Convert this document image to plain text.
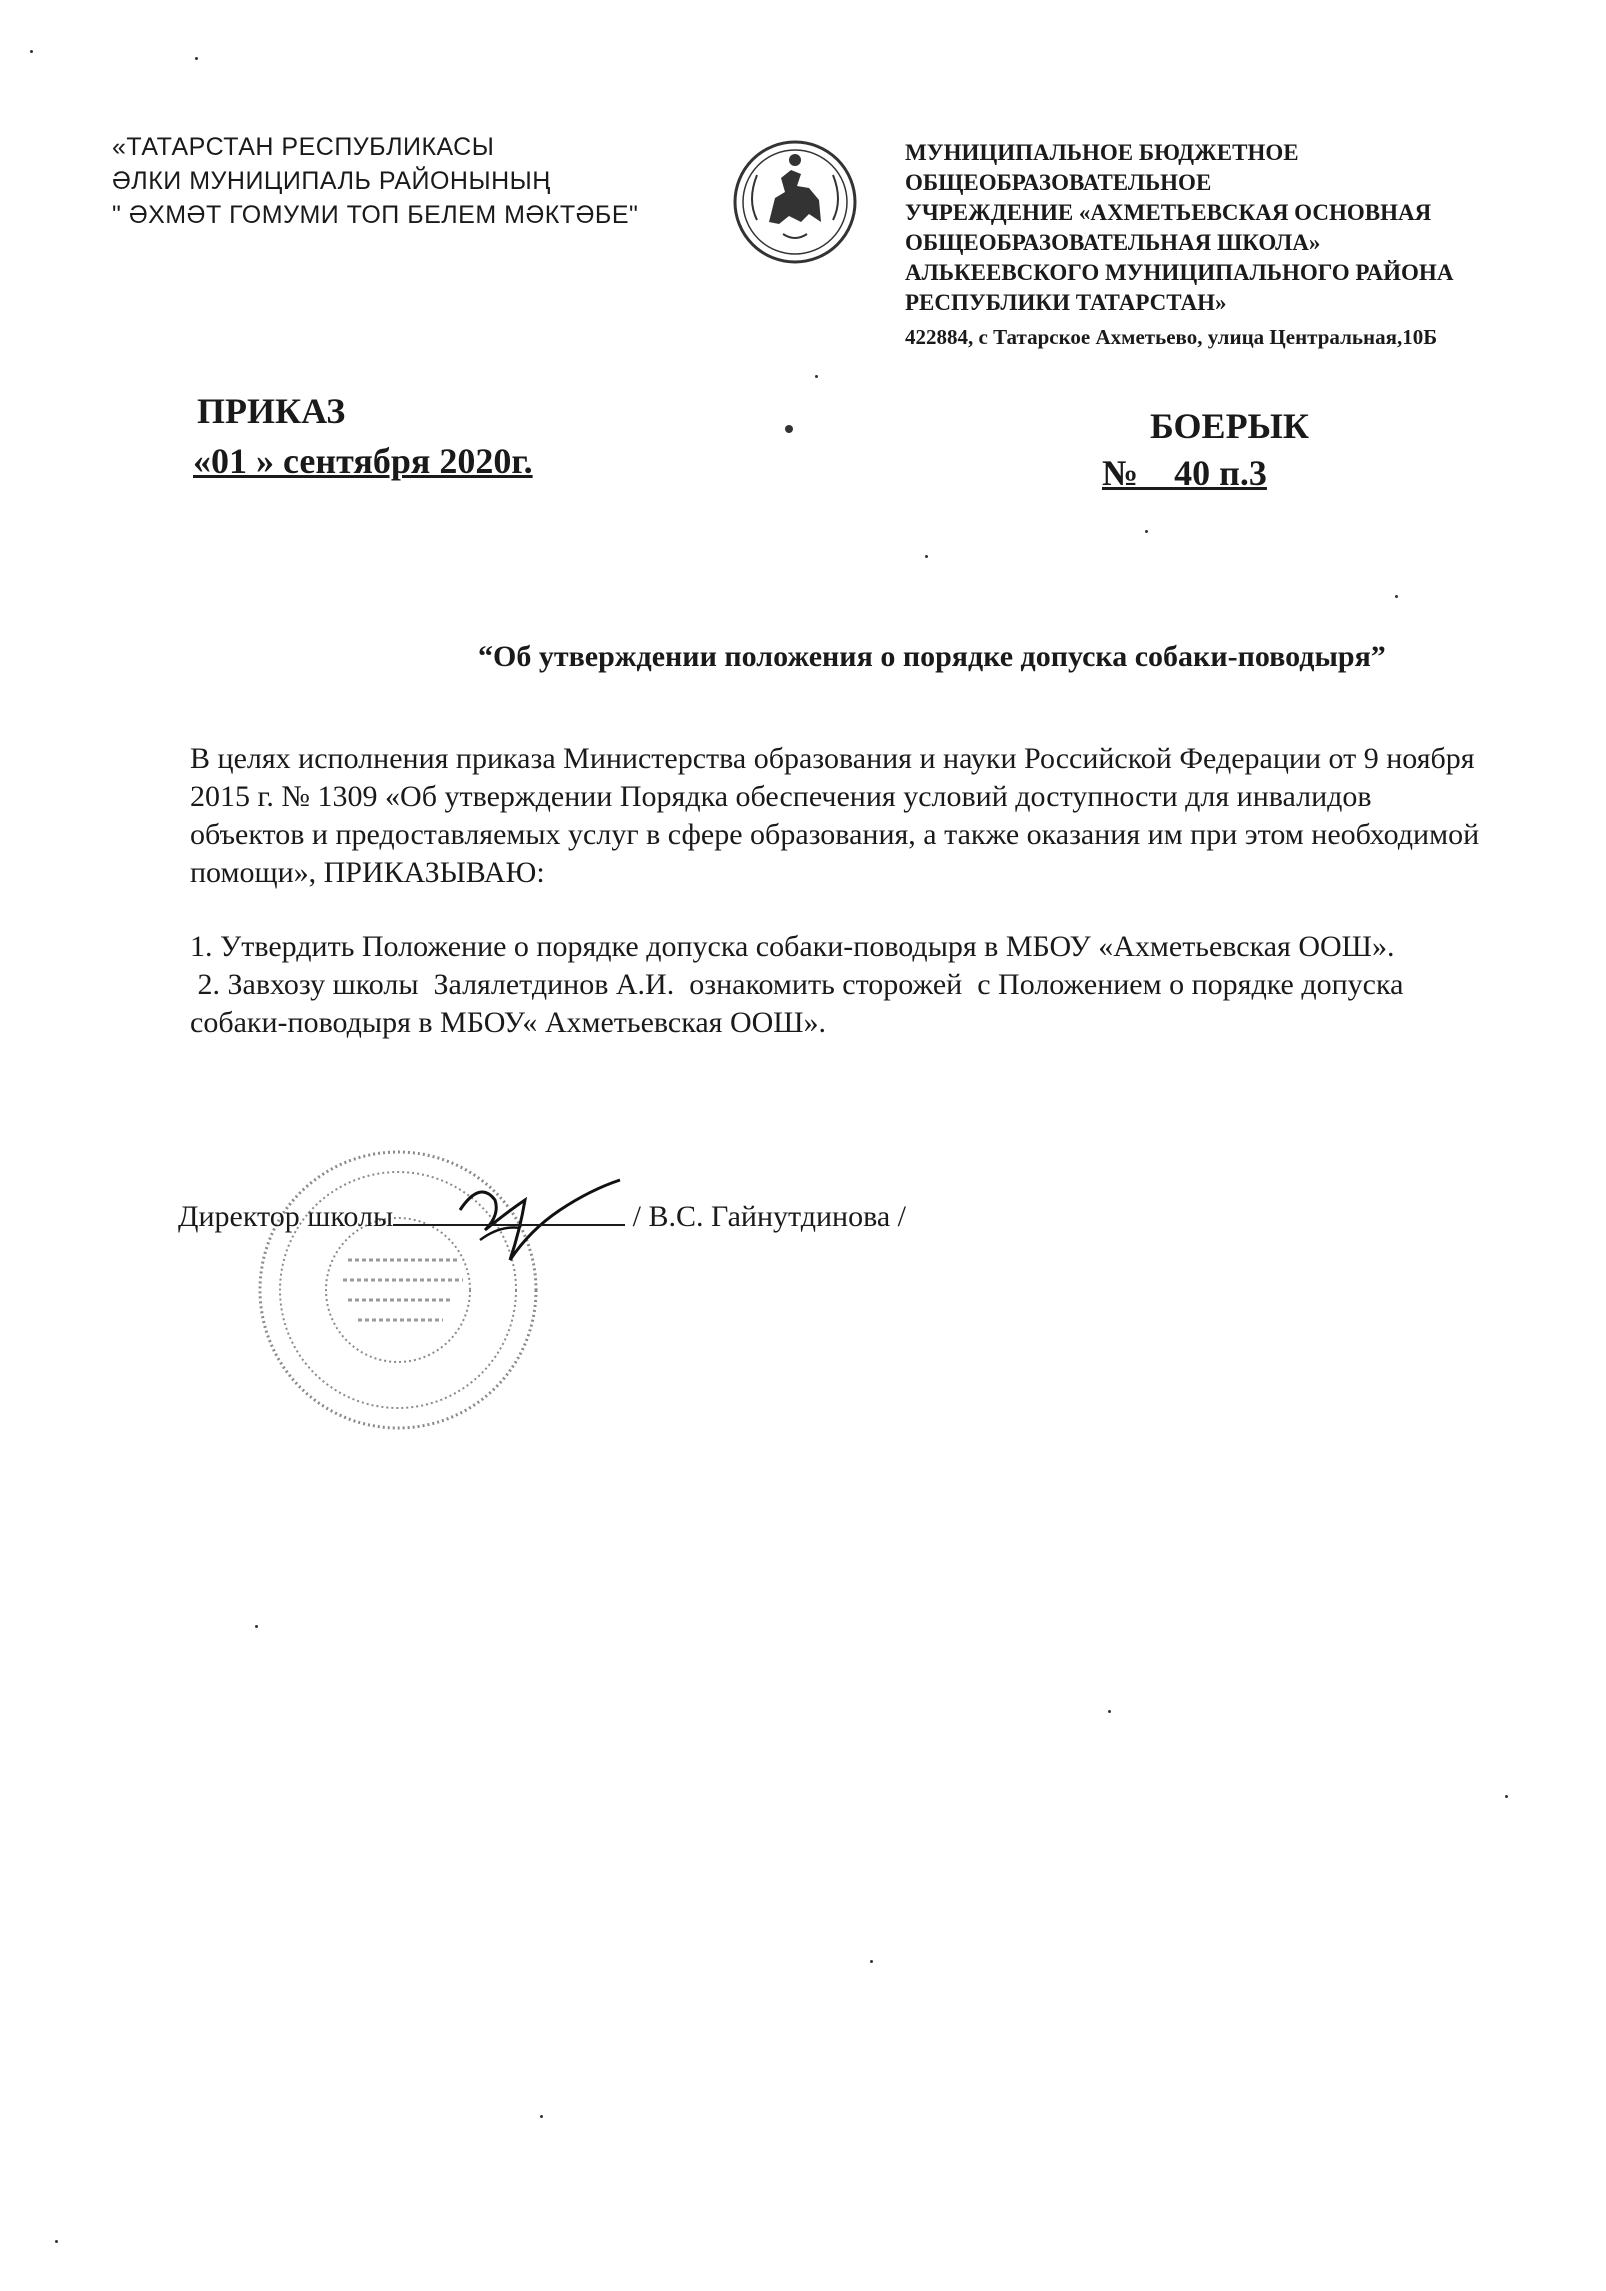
«ТАТАРСТАН РЕСПУБЛИКАСЫ
ӘЛКИ МУНИЦИПАЛЬ РАЙОНЫНЫҢ
" ӘХМӘТ ГОМУМИ ТОП БЕЛЕМ МӘКТӘБЕ"
МУНИЦИПАЛЬНОЕ БЮДЖЕТНОЕ
ОБЩЕОБРАЗОВАТЕЛЬНОЕ
УЧРЕЖДЕНИЕ «АХМЕТЬЕВСКАЯ ОСНОВНАЯ
ОБЩЕОБРАЗОВАТЕЛЬНАЯ ШКОЛА»
АЛЬКЕЕВСКОГО МУНИЦИПАЛЬНОГО РАЙОНА
РЕСПУБЛИКИ ТАТАРСТАН»
422884, с Татарское Ахметьево, улица Центральная,10Б
ПРИКАЗ
«01 » сентября 2020г.
БОЕРЫК
№    40 п.3
“Об утверждении положения о порядке допуска собаки-поводыря”

В целях исполнения приказа Министерства образования и науки Российской Федерации от 9 ноября 2015 г. № 1309 «Об утверждении Порядка обеспечения условий доступности для инвалидов объектов и предоставляемых услуг в сфере образования, а также оказания им при этом необходимой помощи», ПРИКАЗЫВАЮ:

1. Утвердить Положение о порядке допуска собаки-поводыря в МБОУ «Ахметьевская ООШ».
2. Завхозу школы  Залялетдинов А.И.  ознакомить сторожей  с Положением о порядке допуска собаки-поводыря в МБОУ« Ахметьевская ООШ».
Директор школы	/ В.С. Гайнутдинова /
